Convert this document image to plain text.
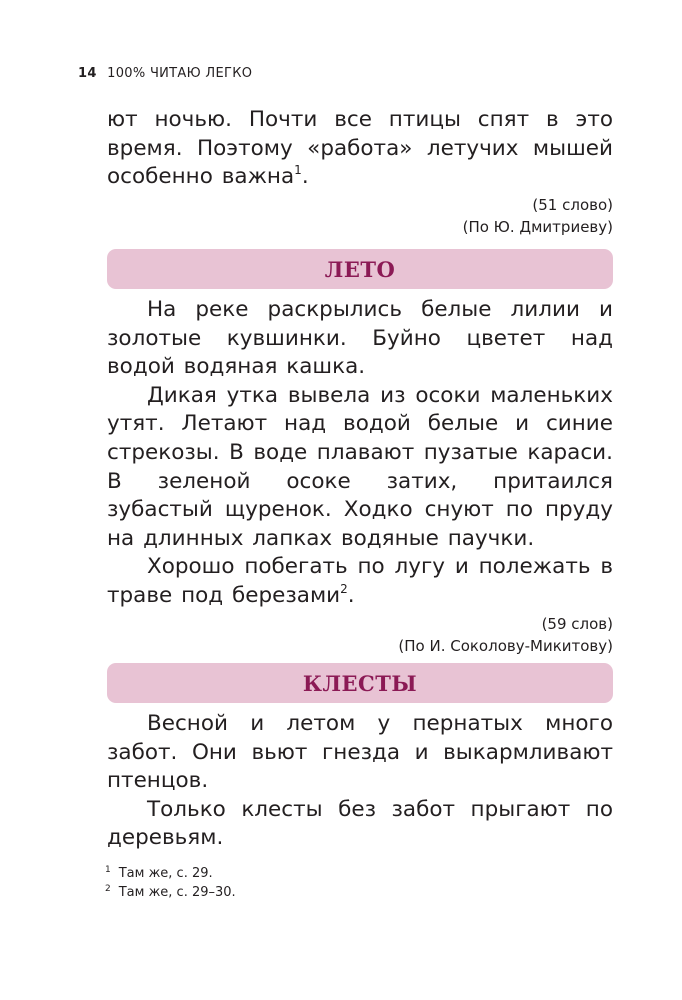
14 100% ЧИТАЮ ЛЕГКО

ют ночью. Почти все птицы спят в это время. Поэтому «работа» летучих мышей особенно важна$^1$.

(51 слово)
(По Ю. Дмитриеву)
ЛЕТО

На реке раскрылись белые лилии и золотые кувшинки. Буйно цветет над водой водяная кашка.

Дикая утка вывела из осоки маленьких утят. Летают над водой белые и синие стрекозы. В воде плавают пузатые караси. В зеленой осоке затих, притаился зубастый щуренок. Ходко снуют по пруду на длинных лапках водяные паучки.

Хорошо побегать по лугу и полежать в траве под березами$^2$.

(59 слов)
(По И. Соколову-Микитову)
КЛЕСТЫ

Весной и летом у пернатых много забот. Они вьют гнезда и выкармливают птенцов.

Только клесты без забот прыгают по деревьям.

$^1$ Там же, с. 29.
$^2$ Там же, с. 29–30.
